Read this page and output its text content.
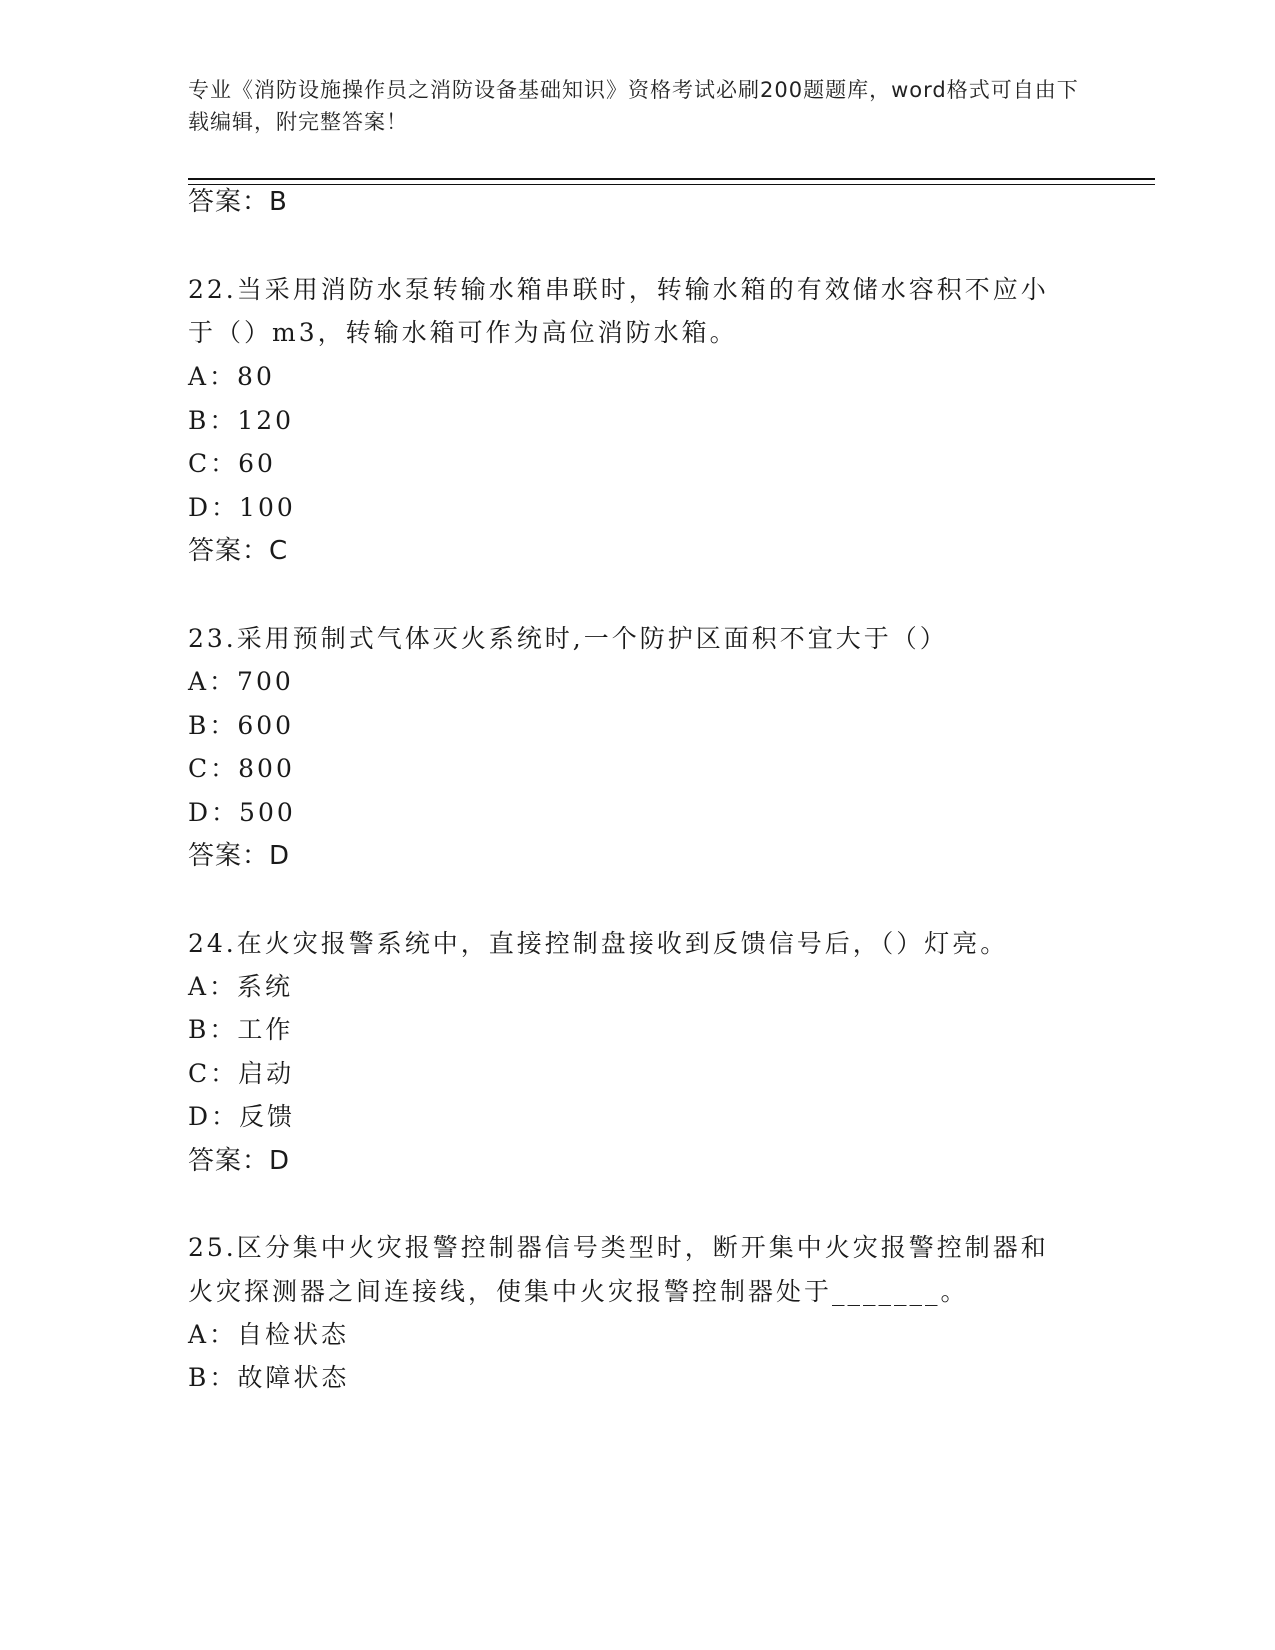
专业《消防设施操作员之消防设备基础知识》资格考试必刷200题题库，word格式可自由下载编辑，附完整答案！
答案：B
22.当采用消防水泵转输水箱串联时，转输水箱的有效储水容积不应小
于（）m3，转输水箱可作为高位消防水箱。
A：80
B：120
C：60
D：100
答案：C
23.采用预制式气体灭火系统时,一个防护区面积不宜大于（）
A：700
B：600
C：800
D：500
答案：D
24.在火灾报警系统中，直接控制盘接收到反馈信号后，（）灯亮。
A：系统
B：工作
C：启动
D：反馈
答案：D
25.区分集中火灾报警控制器信号类型时，断开集中火灾报警控制器和
火灾探测器之间连接线，使集中火灾报警控制器处于_______。
A：自检状态
B：故障状态
